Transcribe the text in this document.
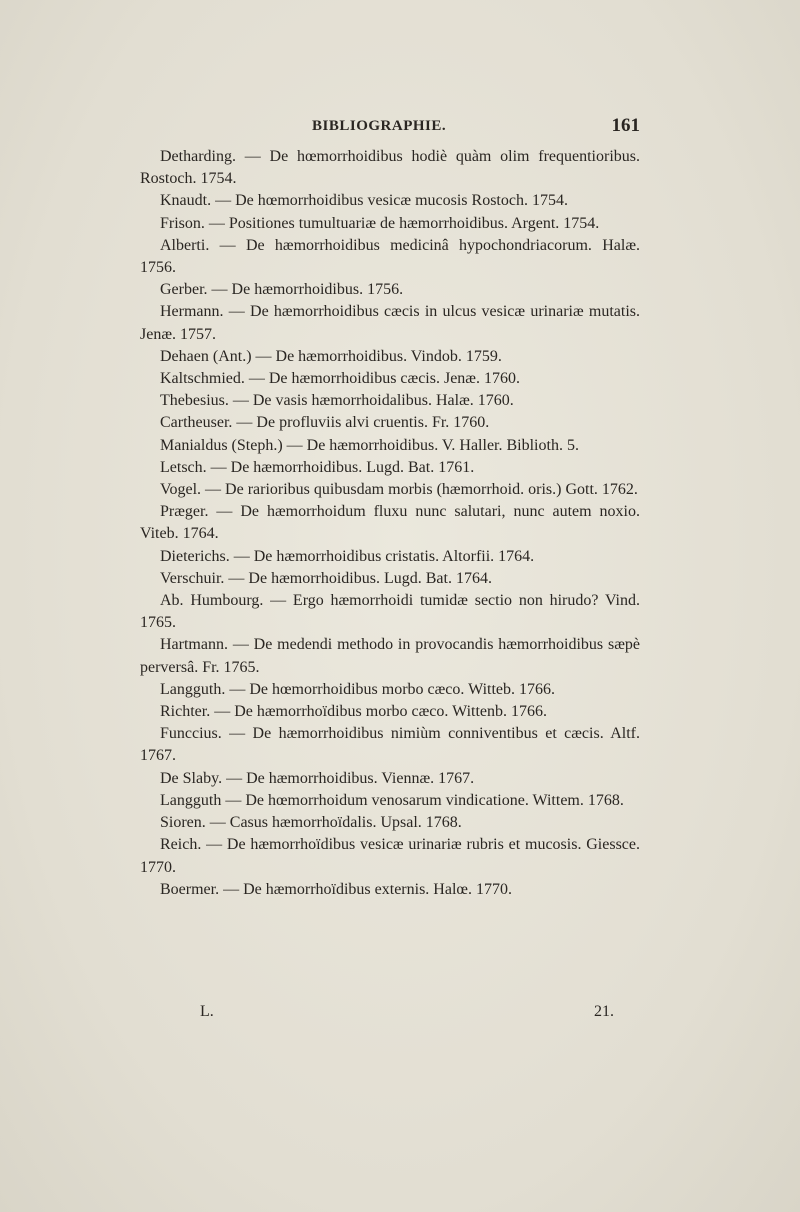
BIBLIOGRAPHIE.	161

Detharding. — De hœmorrhoidibus hodiè quàm olim frequentioribus. Rostoch. 1754.

Knaudt. — De hœmorrhoidibus vesicæ mucosis Rostoch. 1754.

Frison. — Positiones tumultuariæ de hæmorrhoidibus. Argent. 1754.

Alberti. — De hæmorrhoidibus medicinâ hypochondriacorum. Halæ. 1756.

Gerber. — De hæmorrhoidibus. 1756.

Hermann. — De hæmorrhoidibus cæcis in ulcus vesicæ urinariæ mutatis. Jenæ. 1757.

Dehaen (Ant.) — De hæmorrhoidibus. Vindob. 1759.

Kaltschmied. — De hæmorrhoidibus cæcis. Jenæ. 1760.

Thebesius. — De vasis hæmorrhoidalibus. Halæ. 1760.

Cartheuser. — De profluviis alvi cruentis. Fr. 1760.

Manialdus (Steph.) — De hæmorrhoidibus. V. Haller. Biblioth. 5.

Letsch. — De hæmorrhoidibus. Lugd. Bat. 1761.

Vogel. — De rarioribus quibusdam morbis (hæmorrhoid. oris.) Gott. 1762.

Præger. — De hæmorrhoidum fluxu nunc salutari, nunc autem noxio. Viteb. 1764.

Dieterichs. — De hæmorrhoidibus cristatis. Altorfii. 1764.

Verschuir. — De hæmorrhoidibus. Lugd. Bat. 1764.

Ab. Humbourg. — Ergo hæmorrhoidi tumidæ sectio non hirudo? Vind. 1765.

Hartmann. — De medendi methodo in provocandis hæmorrhoidibus sæpè perversâ. Fr. 1765.

Langguth. — De hœmorrhoidibus morbo cæco. Witteb. 1766.

Richter. — De hæmorrhoïdibus morbo cæco. Wittenb. 1766.

Funccius. — De hæmorrhoidibus nimiùm conniventibus et cæcis. Altf. 1767.

De Slaby. — De hæmorrhoidibus. Viennæ. 1767.

Langguth — De hœmorrhoidum venosarum vindicatione. Wittem. 1768.

Sioren. — Casus hæmorrhoïdalis. Upsal. 1768.

Reich. — De hæmorrhoïdibus vesicæ urinariæ rubris et mucosis. Giessce. 1770.

Boermer. — De hæmorrhoïdibus externis. Halœ. 1770.

L.	21.
